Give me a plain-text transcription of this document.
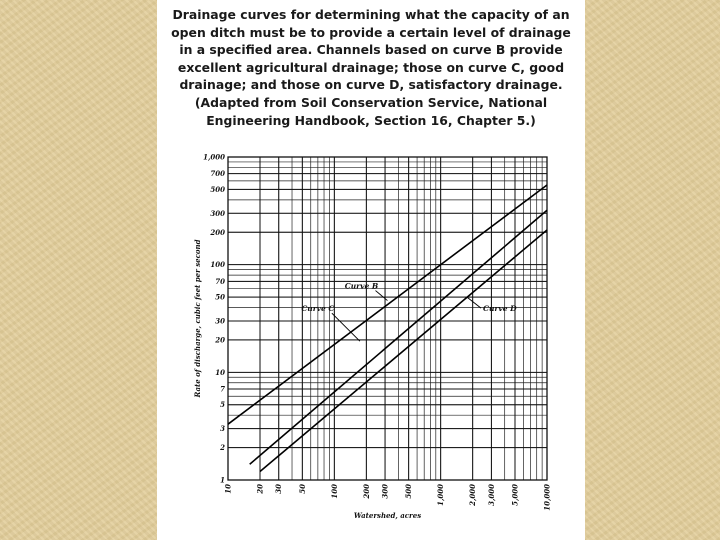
Drainage curves for determining what the capacity of an
open ditch must be to provide a certain level of drainage
in a specified area. Channels based on curve B provide
excellent agricultural drainage; those on curve C, good
drainage; and those on curve D, satisfactory drainage.
(Adapted from Soil Conservation Service, National
Engineering Handbook, Section 16, Chapter 5.)
1
2
3
5
7
10
20
30
50
70
100
200
300
500
700
1,000
10	20 30 50	100	200 300 500	1,000	2,000 3,000 5,000	10,000
Watershed, acres
Rate of discharge, cubic feet per second	Curve B
Curve C	Curve D
